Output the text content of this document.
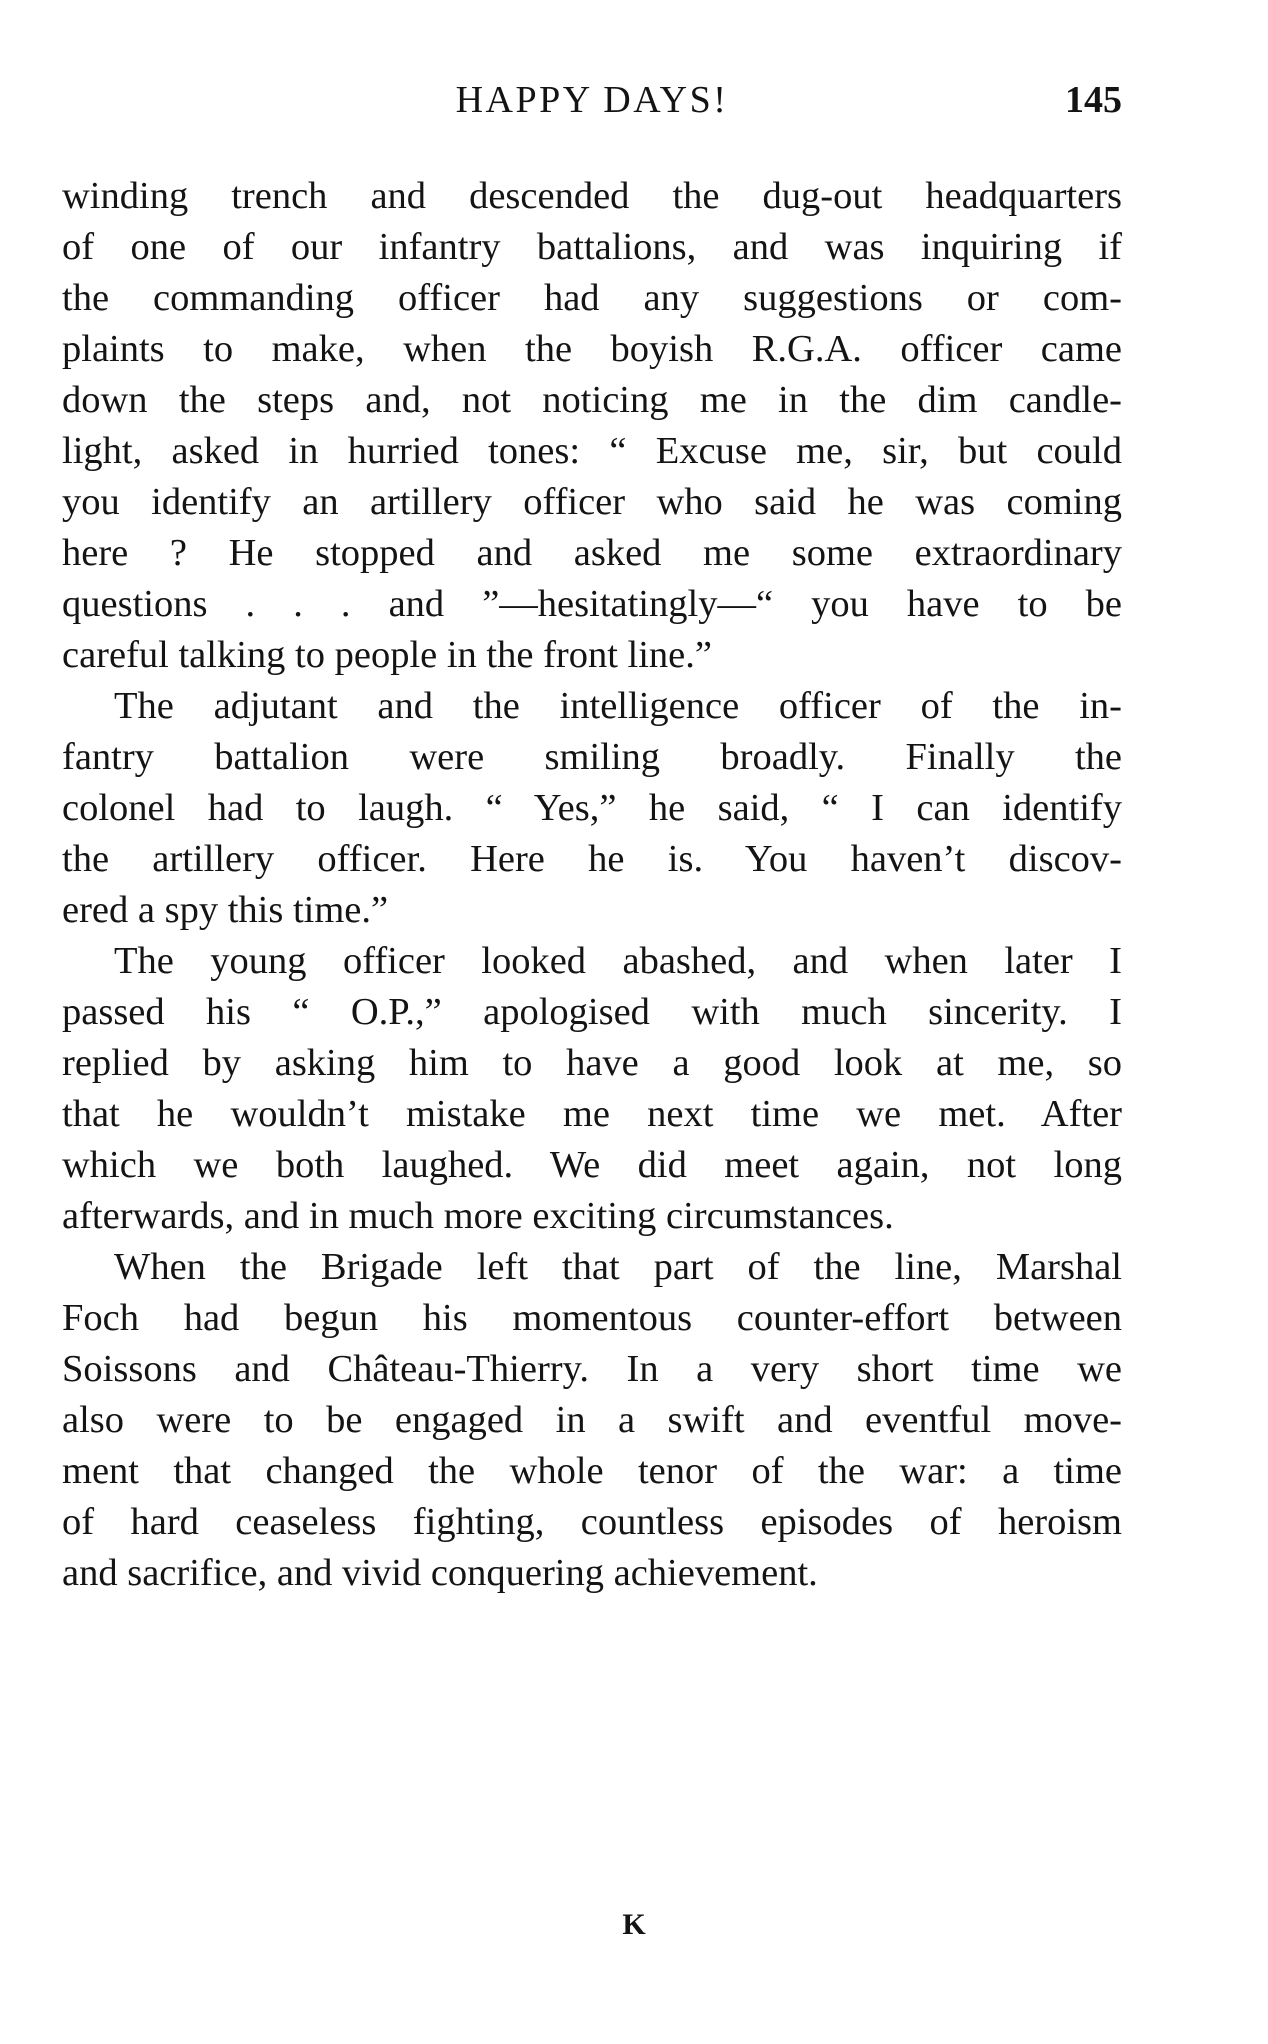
HAPPY DAYS!	145
winding trench and descended the dug-out headquarters
of one of our infantry battalions, and was inquiring if
the commanding officer had any suggestions or com-
plaints to make, when the boyish R.G.A. officer came
down the steps and, not noticing me in the dim candle-
light, asked in hurried tones: “ Excuse me, sir, but could
you identify an artillery officer who said he was coming
here ? He stopped and asked me some extraordinary
questions . . . and ”—hesitatingly—“ you have to be
careful talking to people in the front line.”
The adjutant and the intelligence officer of the in-
fantry battalion were smiling broadly. Finally the
colonel had to laugh. “ Yes,” he said, “ I can identify
the artillery officer. Here he is. You haven’t discov-
ered a spy this time.”
The young officer looked abashed, and when later I
passed his “ O.P.,” apologised with much sincerity. I
replied by asking him to have a good look at me, so
that he wouldn’t mistake me next time we met. After
which we both laughed. We did meet again, not long
afterwards, and in much more exciting circumstances.
When the Brigade left that part of the line, Marshal
Foch had begun his momentous counter-effort between
Soissons and Château-Thierry. In a very short time we
also were to be engaged in a swift and eventful move-
ment that changed the whole tenor of the war: a time
of hard ceaseless fighting, countless episodes of heroism
and sacrifice, and vivid conquering achievement.
K
